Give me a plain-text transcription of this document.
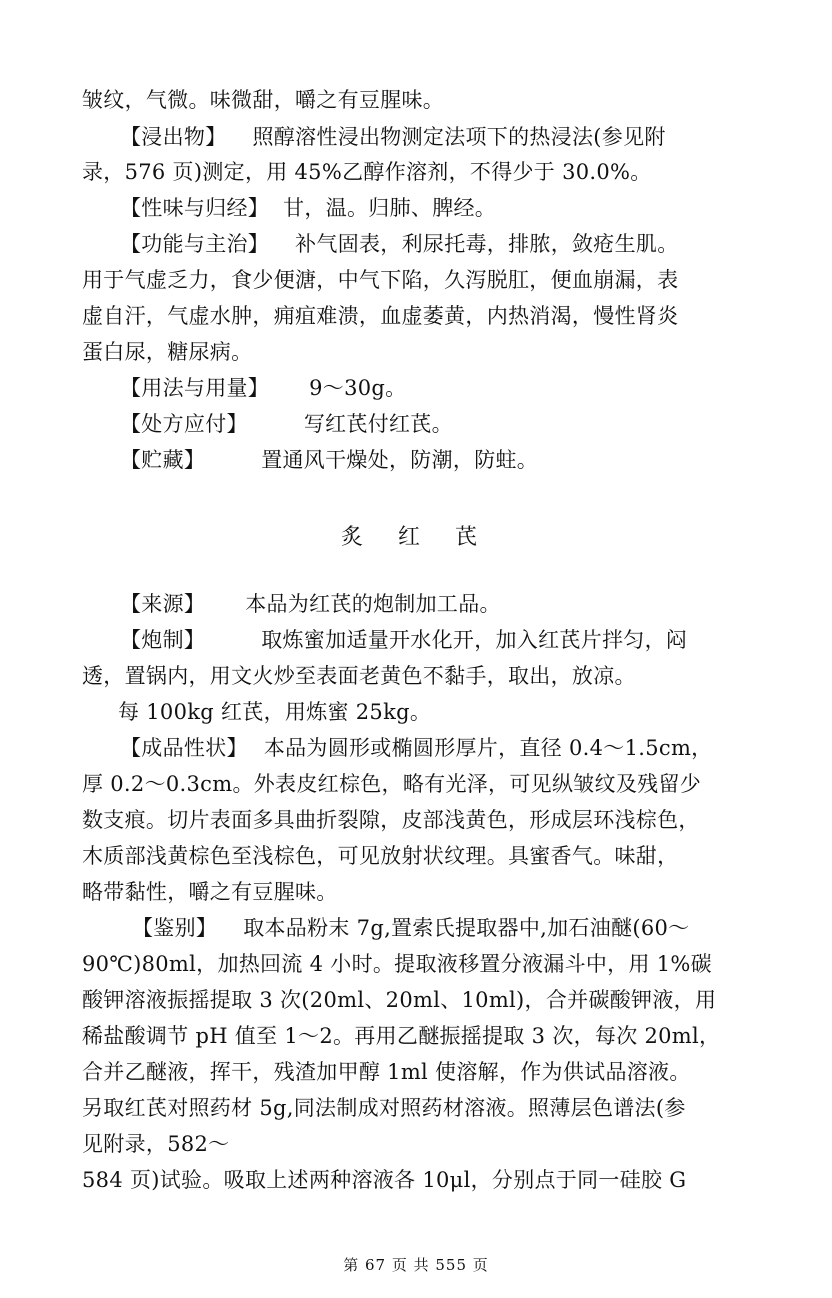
皱纹，气微。味微甜，嚼之有豆腥味。
【浸出物】 照醇溶性浸出物测定法项下的热浸法(参见附
录，576 页)测定，用 45%乙醇作溶剂，不得少于 30.0%。
【性味与归经】 甘，温。归肺、脾经。
【功能与主治】 补气固表，利尿托毒，排脓，敛疮生肌。
用于气虚乏力，食少便溏，中气下陷，久泻脱肛，便血崩漏，表
虚自汗，气虚水肿，痈疽难溃，血虚萎黄，内热消渴，慢性肾炎
蛋白尿，糖尿病。
【用法与用量】 9～30g。
【处方应付】	写红芪付红芪。
【贮藏】	置通风干燥处，防潮，防蛀。
炙 红 芪
【来源】 本品为红芪的炮制加工品。
【炮制】	取炼蜜加适量开水化开，加入红芪片拌匀，闷
透，置锅内，用文火炒至表面老黄色不黏手，取出，放凉。
每 100kg 红芪，用炼蜜 25kg。
【成品性状】 本品为圆形或椭圆形厚片，直径 0.4～1.5cm，
厚 0.2～0.3cm。外表皮红棕色，略有光泽，可见纵皱纹及残留少
数支痕。切片表面多具曲折裂隙，皮部浅黄色，形成层环浅棕色，
木质部浅黄棕色至浅棕色，可见放射状纹理。具蜜香气。味甜，
略带黏性，嚼之有豆腥味。
【鉴别】 取本品粉末 7g,置索氏提取器中,加石油醚(60～
90℃)80ml，加热回流 4 小时。提取液移置分液漏斗中，用 1%碳
酸钾溶液振摇提取 3 次(20ml、20ml、10ml)，合并碳酸钾液，用
稀盐酸调节 pH 值至 1～2。再用乙醚振摇提取 3 次，每次 20ml，
合并乙醚液，挥干，残渣加甲醇 1ml 使溶解，作为供试品溶液。
另取红芪对照药材 5g,同法制成对照药材溶液。照薄层色谱法(参
见附录，582～
584 页)试验。吸取上述两种溶液各 10μl，分别点于同一硅胶 G
第 67 页 共 555 页
